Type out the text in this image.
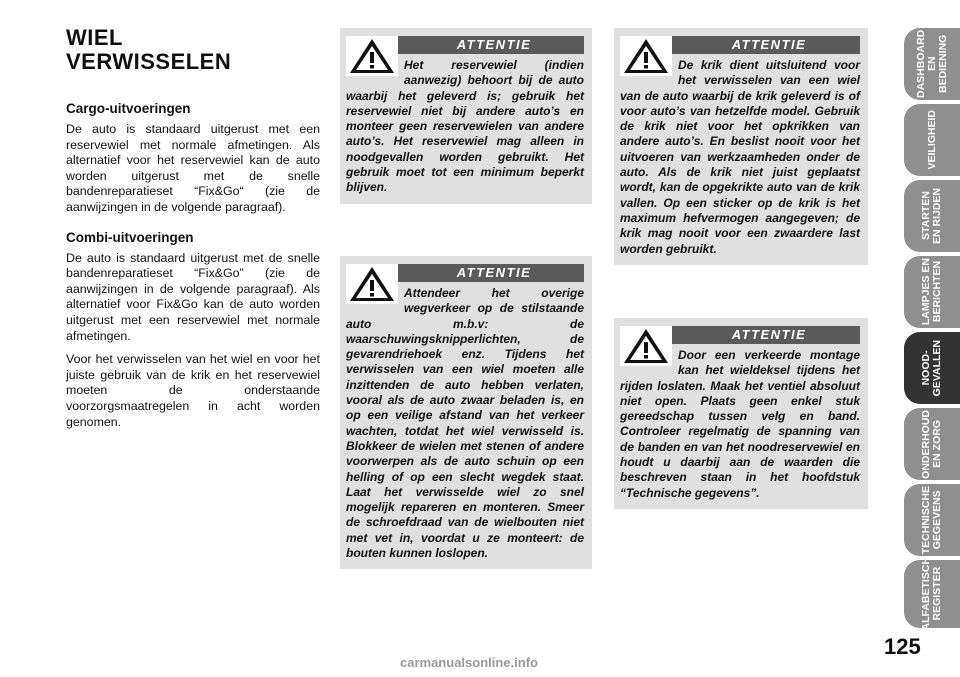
WIEL
VERWISSELEN
Cargo-uitvoeringen

De auto is standaard uitgerust met een reservewiel met normale afmetingen. Als alternatief voor het reservewiel kan de auto worden uitgerust met de snelle bandenreparatieset “Fix&Go“ (zie de aanwijzingen in de volgende paragraaf).

Combi-uitvoeringen

De auto is standaard uitgerust met de snelle bandenreparatieset “Fix&Go” (zie de aanwijzingen in de volgende paragraaf). Als alternatief voor Fix&Go kan de auto worden uitgerust met een reservewiel met normale afmetingen.

Voor het verwisselen van het wiel en voor het juiste gebruik van de krik en het reservewiel moeten de onderstaande voorzorgsmaatregelen in acht worden genomen.

ATTENTIE

Het reservewiel (indien aanwezig) behoort bij de auto waarbij het geleverd is; gebruik het reservewiel niet bij andere auto’s en monteer geen reservewielen van andere auto’s. Het reservewiel mag alleen in noodgevallen worden gebruikt. Het gebruik moet tot een minimum beperkt blijven.

ATTENTIE

Attendeer het overige wegverkeer op de stilstaande auto m.b.v: de waarschuwingsknipperlichten, de gevarendriehoek enz. Tijdens het verwisselen van een wiel moeten alle inzittenden de auto hebben verlaten, vooral als de auto zwaar beladen is, en op een veilige afstand van het verkeer wachten, totdat het wiel verwisseld is. Blokkeer de wielen met stenen of andere voorwerpen als de auto schuin op een helling of op een slecht wegdek staat. Laat het verwisselde wiel zo snel mogelijk repareren en monteren. Smeer de schroefdraad van de wielbouten niet met vet in, voordat u ze monteert: de bouten kunnen loslopen.

ATTENTIE

De krik dient uitsluitend voor het verwisselen van een wiel van de auto waarbij de krik geleverd is of voor auto’s van hetzelfde model. Gebruik de krik niet voor het opkrikken van andere auto’s. En beslist nooit voor het uitvoeren van werkzaamheden onder de auto. Als de krik niet juist geplaatst wordt, kan de opgekrikte auto van de krik vallen. Op een sticker op de krik is het maximum hefvermogen aangegeven; de krik mag nooit voor een zwaardere last worden gebruikt.

ATTENTIE

Door een verkeerde montage kan het wieldeksel tijdens het rijden loslaten. Maak het ventiel absoluut niet open. Plaats geen enkel stuk gereedschap tussen velg en band. Controleer regelmatig de spanning van de banden en van het noodreservewiel en houdt u daarbij aan de waarden die beschreven staan in het hoofdstuk “Technische gegevens”.

DASHBOARD
EN BEDIENING
VEILIGHEID
STARTEN
EN RIJDEN
LAMPJES EN
BERICHTEN
NOOD-
GEVALLEN
ONDERHOUD
EN ZORG
TECHNISCHE
GEGEVENS
ALFABETISCH
REGISTER
125
carmanualsonline.info
